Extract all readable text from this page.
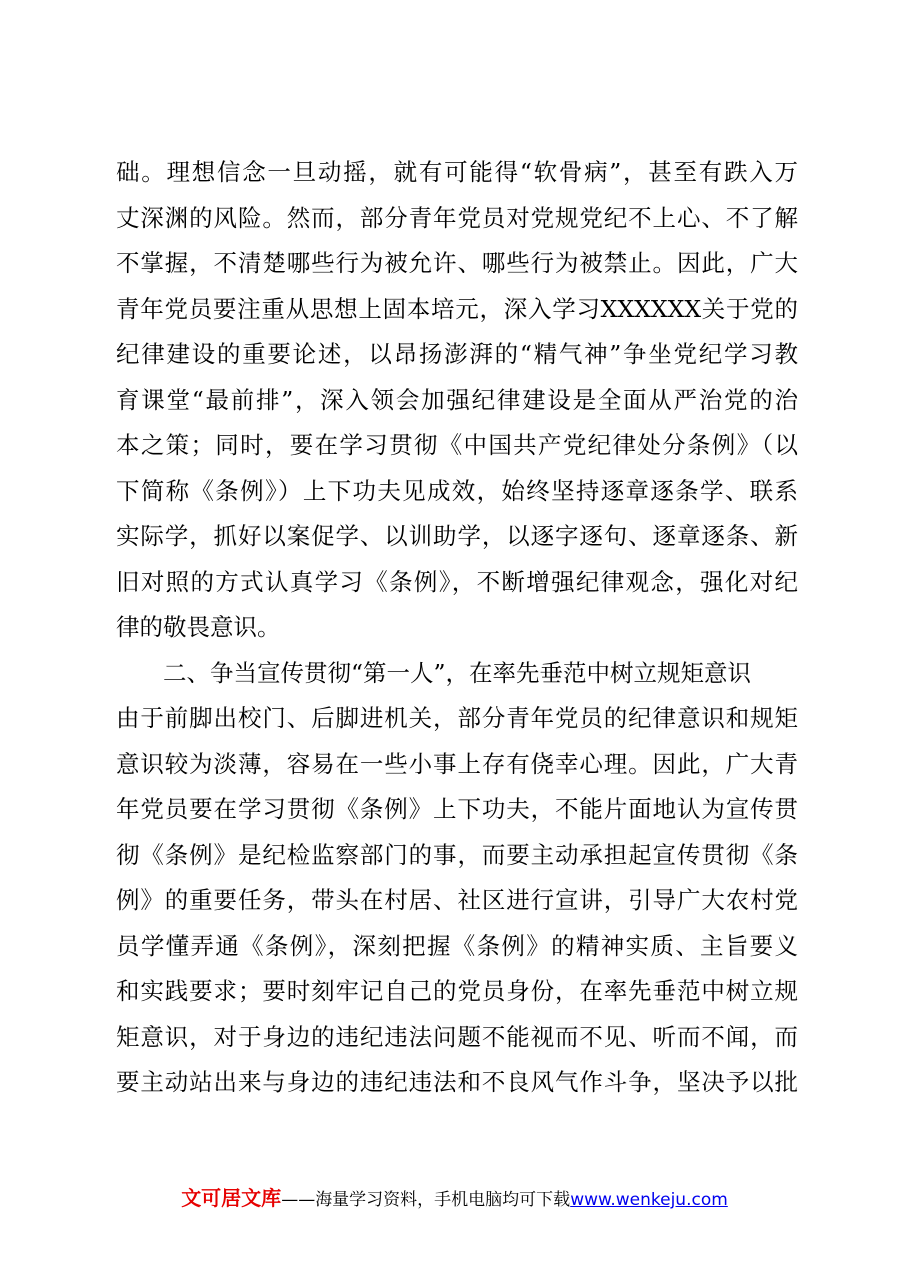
础。理想信念一旦动摇，就有可能得“软骨病”，甚至有跌入万
丈深渊的风险。然而，部分青年党员对党规党纪不上心、不了解
不掌握，不清楚哪些行为被允许、哪些行为被禁止。因此，广大
青年党员要注重从思想上固本培元，深入学习XXXXXX关于党的
纪律建设的重要论述，以昂扬澎湃的“精气神”争坐党纪学习教
育课堂“最前排”，深入领会加强纪律建设是全面从严治党的治
本之策；同时，要在学习贯彻《中国共产党纪律处分条例》（以
下简称《条例》）上下功夫见成效，始终坚持逐章逐条学、联系
实际学，抓好以案促学、以训助学，以逐字逐句、逐章逐条、新
旧对照的方式认真学习《条例》，不断增强纪律观念，强化对纪
律的敬畏意识。
二、争当宣传贯彻“第一人”，在率先垂范中树立规矩意识
由于前脚出校门、后脚进机关，部分青年党员的纪律意识和规矩
意识较为淡薄，容易在一些小事上存有侥幸心理。因此，广大青
年党员要在学习贯彻《条例》上下功夫，不能片面地认为宣传贯
彻《条例》是纪检监察部门的事，而要主动承担起宣传贯彻《条
例》的重要任务，带头在村居、社区进行宣讲，引导广大农村党
员学懂弄通《条例》，深刻把握《条例》的精神实质、主旨要义
和实践要求；要时刻牢记自己的党员身份，在率先垂范中树立规
矩意识，对于身边的违纪违法问题不能视而不见、听而不闻，而
要主动站出来与身边的违纪违法和不良风气作斗争，坚决予以批
文可居文库——海量学习资料，手机电脑均可下载www.wenkeju.com
